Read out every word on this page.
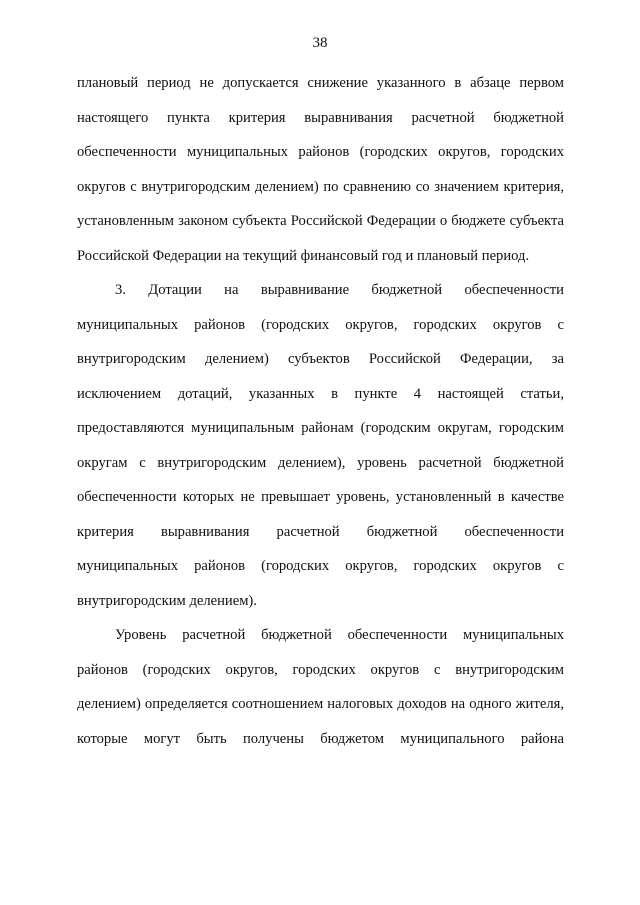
38

плановый период не допускается снижение указанного в абзаце первом настоящего пункта критерия выравнивания расчетной бюджетной обеспеченности муниципальных районов (городских округов, городских округов с внутригородским делением) по сравнению со значением критерия, установленным законом субъекта Российской Федерации о бюджете субъекта Российской Федерации на текущий финансовый год и плановый период.

3. Дотации на выравнивание бюджетной обеспеченности муниципальных районов (городских округов, городских округов с внутригородским делением) субъектов Российской Федерации, за исключением дотаций, указанных в пункте 4 настоящей статьи, предоставляются муниципальным районам (городским округам, городским округам с внутригородским делением), уровень расчетной бюджетной обеспеченности которых не превышает уровень, установленный в качестве критерия выравнивания расчетной бюджетной обеспеченности муниципальных районов (городских округов, городских округов с внутригородским делением).

Уровень расчетной бюджетной обеспеченности муниципальных районов (городских округов, городских округов с внутригородским делением) определяется соотношением налоговых доходов на одного жителя, которые могут быть получены бюджетом муниципального района
